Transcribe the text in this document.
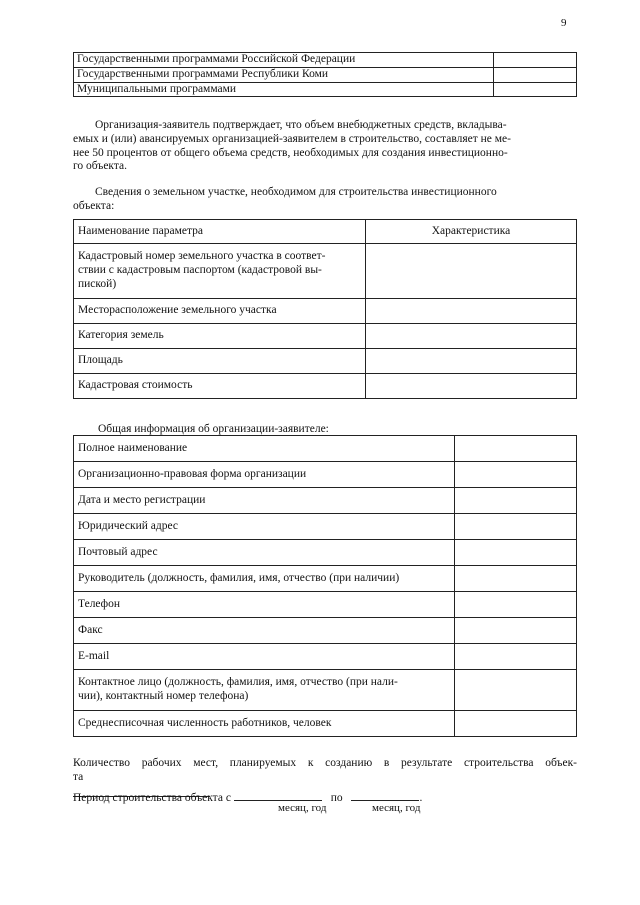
9
Государственными программами Российской Федерации	
Государственными программами Республики Коми	
Муниципальными программами	
Организация-заявитель подтверждает, что объем внебюджетных средств, вкладыва-
емых и (или) авансируемых организацией-заявителем в строительство, составляет не ме-
нее 50 процентов от общего объема средств, необходимых для создания инвестиционно-
го объекта.
Сведения о земельном участке, необходимом для строительства инвестиционного
объекта:
Наименование параметра	Характеристика

Кадастровый номер земельного участка в соответ-
ствии с кадастровым паспортом (кадастровой вы-
пиской)	

Месторасположение земельного участка	
Категория земель	
Площадь	
Кадастровая стоимость	
Общая информация об организации-заявителе:
Полное наименование	
Организационно-правовая форма организации	
Дата и место регистрации	
Юридический адрес	
Почтовый адрес	
Руководитель (должность, фамилия, имя, отчество (при наличии)	
Телефон	
Факс	
E-mail	

Контактное лицо (должность, фамилия, имя, отчество (при нали-
чии), контактный номер телефона)	

Среднесписочная численность работников, человек	
Количество рабочих мест, планируемых к созданию в результате строительства объек-
та
Период строительства объекта с	по	.
месяц, год	месяц, год
